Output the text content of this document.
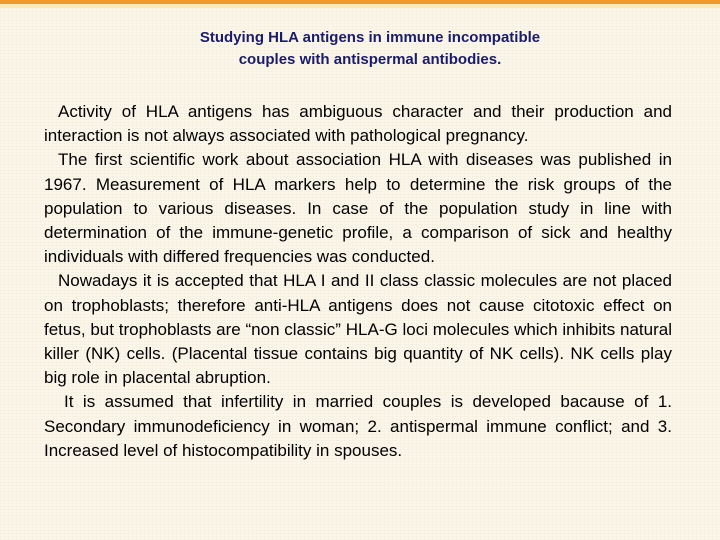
Studying HLA antigens in immune incompatible
couples with antispermal antibodies.

Activity of HLA antigens has ambiguous character and their production and interaction is not always associated with pathological pregnancy.

The first scientific work about association HLA with diseases was published in 1967. Measurement of HLA markers help to determine the risk groups of the population to various diseases. In case of the population study in line with determination of the immune-genetic profile, a comparison of sick and healthy individuals with differed frequencies was conducted.

Nowadays it is accepted that HLA I and II class classic molecules are not placed on trophoblasts; therefore anti-HLA antigens does not cause citotoxic effect on fetus, but trophoblasts are “non classic” HLA-G loci molecules which inhibits natural killer (NK) cells. (Placental tissue contains big quantity of NK cells). NK cells play big role in placental abruption.

It is assumed that infertility in married couples is developed bacause of 1. Secondary immunodeficiency in woman; 2. antispermal immune conflict; and 3. Increased level of histocompatibility in spouses.
